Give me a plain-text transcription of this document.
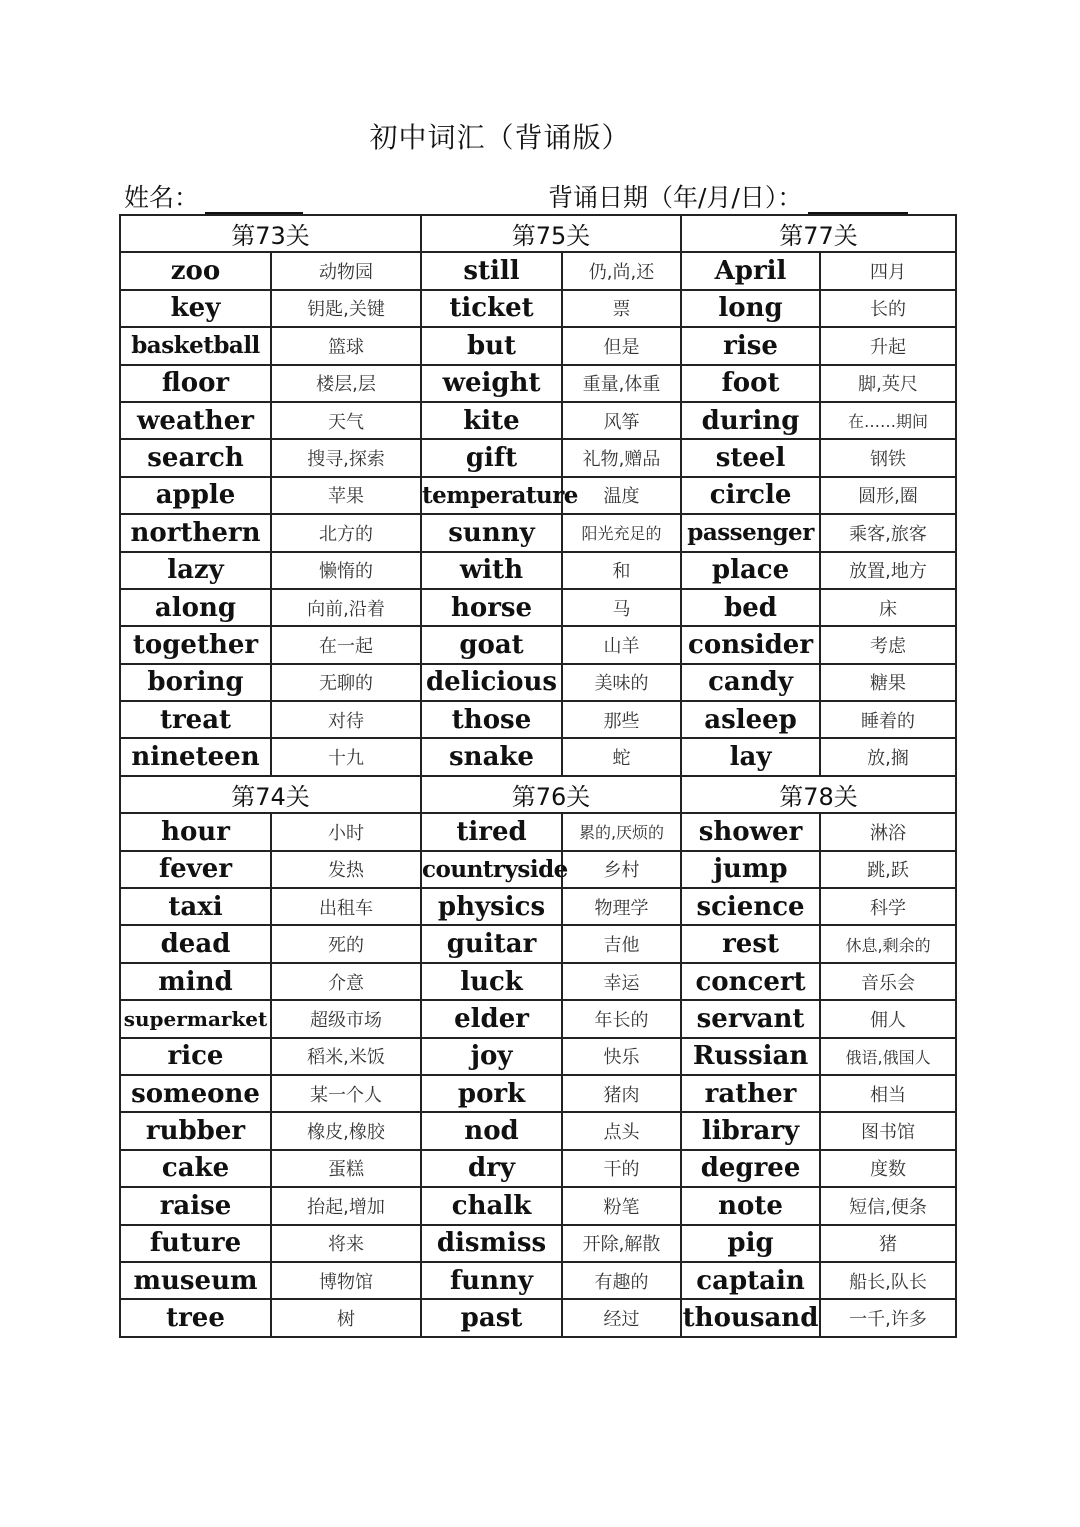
初中词汇（背诵版）
姓名：	背诵日期（年/月/日）：
第73关		第75关		第77关	
zoo	动物园	still	仍,尚,还	April	四月
key	钥匙,关键	ticket	票	long	长的
basketball	篮球	but	但是	rise	升起
floor	楼层,层	weight	重量,体重	foot	脚,英尺
weather	天气	kite	风筝	during	在……期间
search	搜寻,探索	gift	礼物,赠品	steel	钢铁
apple	苹果	temperature	温度	circle	圆形,圈
northern	北方的	sunny	阳光充足的	passenger	乘客,旅客
lazy	懒惰的	with	和	place	放置,地方
along	向前,沿着	horse	马	bed	床
together	在一起	goat	山羊	consider	考虑
boring	无聊的	delicious	美味的	candy	糖果
treat	对待	those	那些	asleep	睡着的
nineteen	十九	snake	蛇	lay	放,搁
第74关		第76关		第78关	
hour	小时	tired	累的,厌烦的	shower	淋浴
fever	发热	countryside	乡村	jump	跳,跃
taxi	出租车	physics	物理学	science	科学
dead	死的	guitar	吉他	rest	休息,剩余的
mind	介意	luck	幸运	concert	音乐会
supermarket	超级市场	elder	年长的	servant	佣人
rice	稻米,米饭	joy	快乐	Russian	俄语,俄国人
someone	某一个人	pork	猪肉	rather	相当
rubber	橡皮,橡胶	nod	点头	library	图书馆
cake	蛋糕	dry	干的	degree	度数
raise	抬起,增加	chalk	粉笔	note	短信,便条
future	将来	dismiss	开除,解散	pig	猪
museum	博物馆	funny	有趣的	captain	船长,队长
tree	树	past	经过	thousand	一千,许多
